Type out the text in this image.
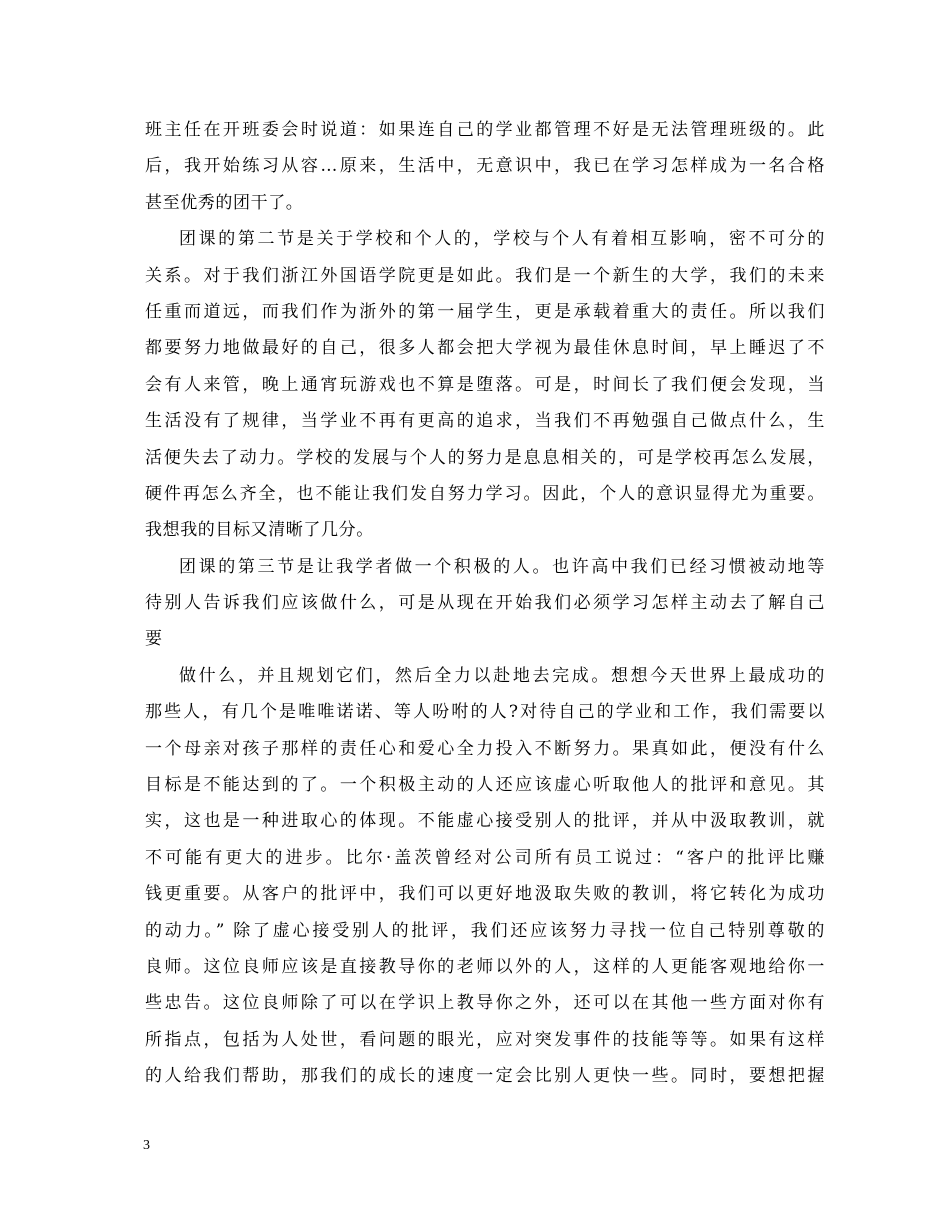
班主任在开班委会时说道：如果连自己的学业都管理不好是无法管理班级的。此
后，我开始练习从容…原来，生活中，无意识中，我已在学习怎样成为一名合格
甚至优秀的团干了。
团课的第二节是关于学校和个人的，学校与个人有着相互影响，密不可分的
关系。对于我们浙江外国语学院更是如此。我们是一个新生的大学，我们的未来
任重而道远，而我们作为浙外的第一届学生，更是承载着重大的责任。所以我们
都要努力地做最好的自己，很多人都会把大学视为最佳休息时间，早上睡迟了不
会有人来管，晚上通宵玩游戏也不算是堕落。可是，时间长了我们便会发现，当
生活没有了规律，当学业不再有更高的追求，当我们不再勉强自己做点什么，生
活便失去了动力。学校的发展与个人的努力是息息相关的，可是学校再怎么发展，
硬件再怎么齐全，也不能让我们发自努力学习。因此，个人的意识显得尤为重要。
我想我的目标又清晰了几分。
团课的第三节是让我学者做一个积极的人。也许高中我们已经习惯被动地等
待别人告诉我们应该做什么，可是从现在开始我们必须学习怎样主动去了解自己
要
做什么，并且规划它们，然后全力以赴地去完成。想想今天世界上最成功的
那些人，有几个是唯唯诺诺、等人吩咐的人?对待自己的学业和工作，我们需要以
一个母亲对孩子那样的责任心和爱心全力投入不断努力。果真如此，便没有什么
目标是不能达到的了。一个积极主动的人还应该虚心听取他人的批评和意见。其
实，这也是一种进取心的体现。不能虚心接受别人的批评，并从中汲取教训，就
不可能有更大的进步。比尔·盖茨曾经对公司所有员工说过：“客户的批评比赚
钱更重要。从客户的批评中，我们可以更好地汲取失败的教训，将它转化为成功
的动力。” 除了虚心接受别人的批评，我们还应该努力寻找一位自己特别尊敬的
良师。这位良师应该是直接教导你的老师以外的人，这样的人更能客观地给你一
些忠告。这位良师除了可以在学识上教导你之外，还可以在其他一些方面对你有
所指点，包括为人处世，看问题的眼光，应对突发事件的技能等等。如果有这样
的人给我们帮助，那我们的成长的速度一定会比别人更快一些。同时，要想把握
3
